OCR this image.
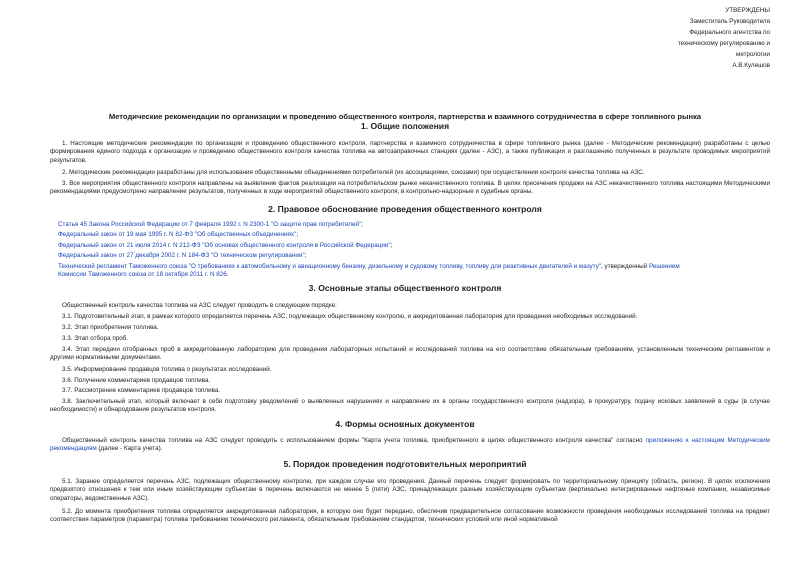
УТВЕРЖДЕНЫ
Заместитель Руководителя
Федерального агентства по
техническому регулированию и
метрологии
А.В.Кулешов
Методические рекомендации по организации и проведению общественного контроля, партнерства и взаимного сотрудничества в сфере топливного рынка
1. Общие положения

1. Настоящие методические рекомендации по организации и проведению общественного контроля, партнерства и взаимного сотрудничества в сфере топливного рынка (далее - Методические рекомендации) разработаны с целью формирования единого подхода к организации и проведению общественного контроля качества топлива на автозаправочных станциях (далее - АЗС), а также публикации и разглашению полученных в результате проводимых мероприятий результатов.

2. Методические рекомендации разработаны для использования общественными объединениями потребителей (их ассоциациями, союзами) при осуществлении контроля качества топлива на АЗС.

3. Все мероприятия общественного контроля направлены на выявление фактов реализации на потребительском рынке некачественного топлива. В целях пресечения продажи на АЗС некачественного топлива настоящими Методическими рекомендациями предусмотрено направление результатов, полученных в ходе мероприятий общественного контроля, в контрольно-надзорные и судебные органы.

2. Правовое обоснование проведения общественного контроля
Статья 45 Закона Российской Федерации от 7 февраля 1992 г. N 2300-1 "О защите прав потребителей";
Федеральный закон от 19 мая 1995 г. N 82-ФЗ "Об общественных объединениях";
Федеральный закон от 21 июля 2014 г. N 212-ФЗ "Об основах общественного контроля в Российской Федерации";
Федеральный закон от 27 декабря 2002 г. N 184-ФЗ "О техническом регулировании";
Технический регламент Таможенного союза "О требованиях к автомобильному и авиационному бензину, дизельному и судовому топливу, топливу для реактивных двигателей и мазуту", утвержденный Решением
Комиссии Таможенного союза от 18 октября 2011 г. N 826.
3. Основные этапы общественного контроля

Общественный контроль качества топлива на АЗС следует проводить в следующем порядке:

3.1. Подготовительный этап, в рамках которого определяется перечень АЗС, подлежащих общественному контролю, и аккредитованная лаборатория для проведения необходимых исследований.

3.2. Этап приобретения топлива.

3.3. Этап отбора проб.

3.4. Этап передачи отобранных проб в аккредитованную лабораторию для проведения лабораторных испытаний и исследований топлива на его соответствие обязательным требованиям, установленным техническим регламентом и другими нормативными документами.

3.5. Информирование продавцов топлива о результатах исследований.

3.6. Получение комментариев продавцов топлива.

3.7. Рассмотрение комментариев продавцов топлива.

3.8. Заключительный этап, который включает в себя подготовку уведомлений о выявленных нарушениях и направление их в органы государственного контроля (надзора), в прокуратуру, подачу исковых заявлений в суды (в случае необходимости) и обнародование результатов контроля.

4. Формы основных документов

Общественный контроль качества топлива на АЗС следует проводить с использованием формы "Карта учета топлива, приобретенного в целях общественного контроля качества" согласно приложению к настоящим Методическим рекомендациям (далее - Карта учета).

5. Порядок проведения подготовительных мероприятий

5.1. Заранее определяется перечень АЗС, подлежащих общественному контролю, при каждом случае его проведения. Данный перечень следует формировать по территориальному принципу (область, регион). В целях исключения предвзятого отношения к тем или иным хозяйствующим субъектам в перечень включаются не менее 5 (пяти) АЗС, принадлежащих разным хозяйствующим субъектам (вертикально интегрированные нефтяные компании, независимые операторы, ведомственные АЗС).

5.2. До момента приобретения топлива определяется аккредитованная лаборатория, в которую оно будет передано, обеспечив предварительное согласование возможности проведения необходимых исследований топлива на предмет соответствия параметров (параметра) топлива требованиям технического регламента, обязательным требованиям стандартов, технических условий или иной нормативной
